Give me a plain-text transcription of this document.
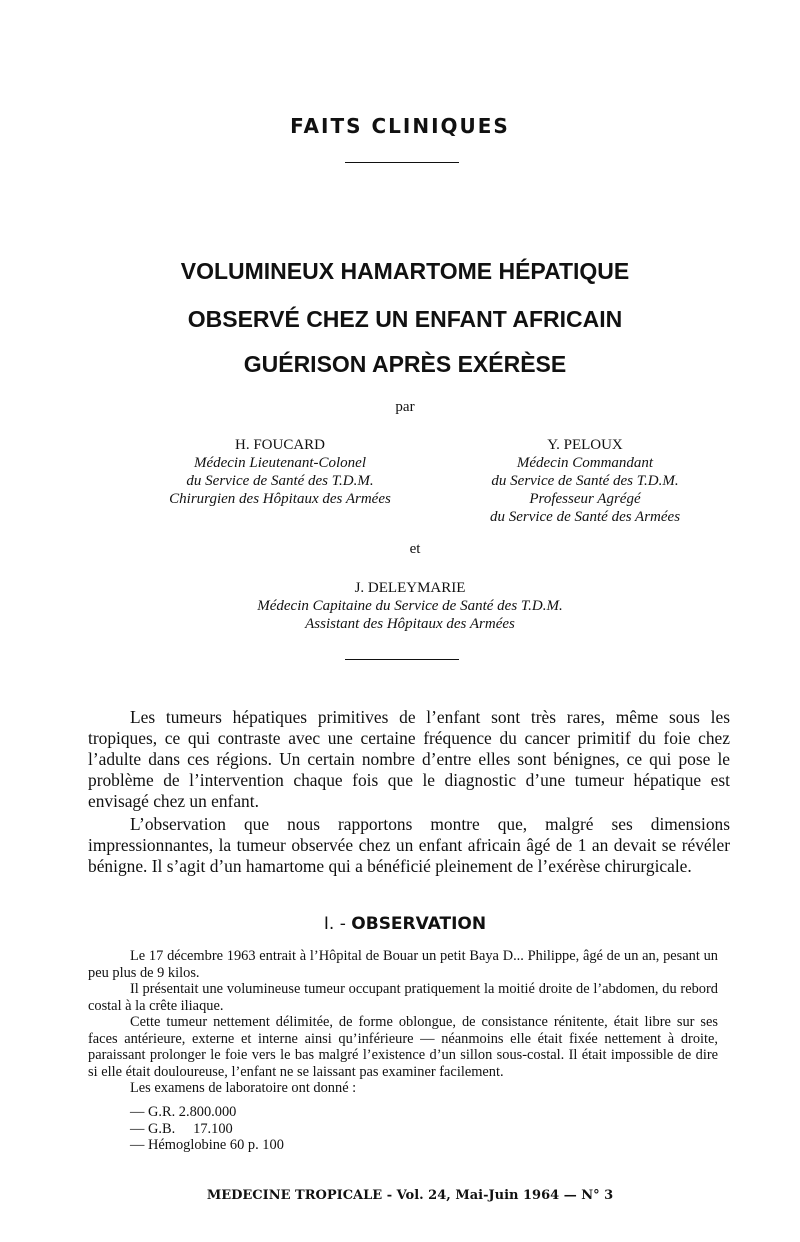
FAITS CLINIQUES
VOLUMINEUX HAMARTOME HÉPATIQUE
OBSERVÉ CHEZ UN ENFANT AFRICAIN
GUÉRISON APRÈS EXÉRÈSE
par
H. FOUCARD
Médecin Lieutenant-Colonel
du Service de Santé des T.D.M.
Chirurgien des Hôpitaux des Armées
Y. PELOUX
Médecin Commandant
du Service de Santé des T.D.M.
Professeur Agrégé
du Service de Santé des Armées
et
J. DELEYMARIE
Médecin Capitaine du Service de Santé des T.D.M.
Assistant des Hôpitaux des Armées

Les tumeurs hépatiques primitives de l’enfant sont très rares, même sous les tropiques, ce qui contraste avec une certaine fréquence du cancer primitif du foie chez l’adulte dans ces régions. Un certain nombre d’entre elles sont bénignes, ce qui pose le problème de l’intervention chaque fois que le diagnostic d’une tumeur hépatique est envisagé chez un enfant.

L’observation que nous rapportons montre que, malgré ses dimensions impressionnantes, la tumeur observée chez un enfant africain âgé de 1 an devait se révéler bénigne. Il s’agit d’un hamartome qui a bénéficié pleinement de l’exérèse chirurgicale.

I. - OBSERVATION

Le 17 décembre 1963 entrait à l’Hôpital de Bouar un petit Baya D... Philippe, âgé de un an, pesant un peu plus de 9 kilos.

Il présentait une volumineuse tumeur occupant pratiquement la moitié droite de l’abdomen, du rebord costal à la crête iliaque.

Cette tumeur nettement délimitée, de forme oblongue, de consistance rénitente, était libre sur ses faces antérieure, externe et interne ainsi qu’inférieure — néanmoins elle était fixée nettement à droite, paraissant prolonger le foie vers le bas malgré l’existence d’un sillon sous-costal. Il était impossible de dire si elle était douloureuse, l’enfant ne se laissant pas examiner facilement.

Les examens de laboratoire ont donné :

— G.R. 2.800.000
— G.B.     17.100
— Hémoglobine 60 p. 100
MEDECINE TROPICALE - Vol. 24, Mai-Juin 1964 — N° 3
